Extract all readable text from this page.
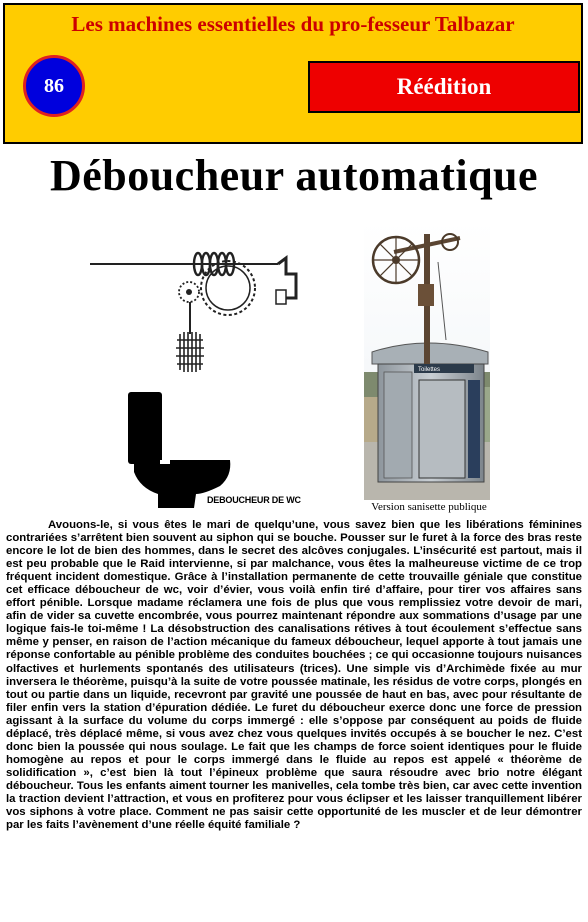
Les machines essentielles du pro-fesseur Talbazar
86	Réédition
Déboucheur automatique
DEBOUCHEUR DE WC
Toilettes
Version sanisette publique

Avouons-le, si vous êtes le mari de quelqu’une, vous savez bien que les libérations féminines contrariées s’arrêtent bien souvent au siphon qui se bouche. Pousser sur le furet à la force des bras reste encore le lot de bien des hommes, dans le secret des alcôves conjugales. L’insécurité est partout, mais il est peu probable que le Raid intervienne, si par malchance, vous êtes la malheureuse victime de ce trop fréquent incident domestique. Grâce à l’installation permanente de cette trouvaille géniale que constitue cet efficace déboucheur de wc, voir d’évier, vous voilà enfin tiré d’affaire, pour tirer vos affaires sans effort pénible. Lorsque madame réclamera une fois de plus que vous remplissiez votre devoir de mari, afin de vider sa cuvette encombrée, vous pourrez maintenant répondre aux sommations d’usage par une logique fais-le toi-même ! La désobstruction des canalisations rétives à tout écoulement s’effectue sans même y penser, en raison de l’action mécanique du fameux déboucheur, lequel apporte à tout jamais une réponse confortable au pénible problème des conduites bouchées ; ce qui occasionne toujours nuisances olfactives et hurlements spontanés des utilisateurs (trices). Une simple vis d’Archimède fixée au mur inversera le théorème, puisqu’à la suite de votre poussée matinale, les résidus de votre corps, plongés en tout ou partie dans un liquide, recevront par gravité une poussée de haut en bas, avec pour résultante de filer enfin vers la station d’épuration dédiée. Le furet du déboucheur exerce donc une force de pression agissant à la surface du volume du corps immergé : elle s’oppose par conséquent au poids de fluide déplacé, très déplacé même, si vous avez chez vous quelques invités occupés à se boucher le nez. C’est donc bien la poussée qui nous soulage. Le fait que les champs de force soient identiques pour le fluide homogène au repos et pour le corps immergé dans le fluide au repos est appelé « théorème de solidification », c’est bien là tout l’épineux problème que saura résoudre avec brio notre élégant déboucheur. Tous les enfants aiment tourner les manivelles, cela tombe très bien, car avec cette invention la traction devient l’attraction, et vous en profiterez pour vous éclipser et les laisser tranquillement libérer vos siphons à votre place. Comment ne pas saisir cette opportunité de les muscler et de leur démontrer par les faits l’avènement d’une réelle équité familiale ?
